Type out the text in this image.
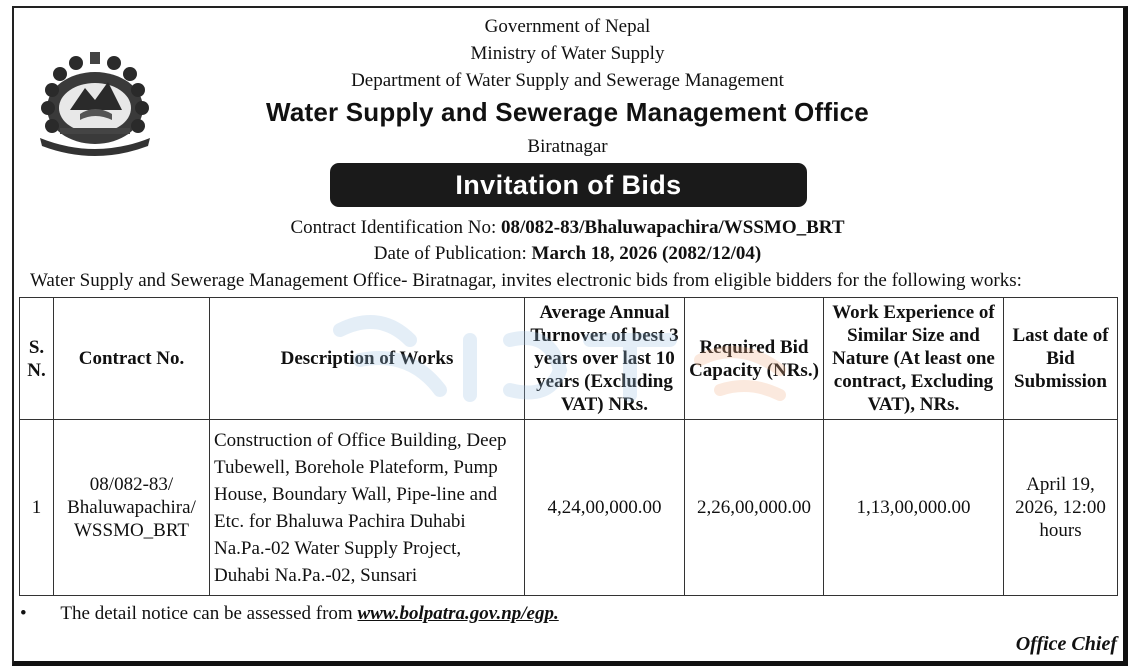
Government of Nepal
Ministry of Water Supply
Department of Water Supply and Sewerage Management
Water Supply and Sewerage Management Office
Biratnagar
Invitation of Bids
Contract Identification No: 08/082-83/Bhaluwapachira/WSSMO_BRT
Date of Publication: March 18, 2026 (2082/12/04)
Water Supply and Sewerage Management Office- Biratnagar, invites electronic bids from eligible bidders for the following works:
S. N.	Contract No.	Description of Works	Average Annual Turnover of best 3 years over last 10 years (Excluding VAT) NRs.	Required Bid Capacity (NRs.)	Work Experience of Similar Size and Nature (At least one contract, Excluding VAT), NRs.	Last date of Bid Submission
1	08/082-83/ Bhaluwapachira/ WSSMO_BRT	Construction of Office Building, Deep Tubewell, Borehole Plateform, Pump House, Boundary Wall, Pipe-line and Etc. for Bhaluwa Pachira Duhabi Na.Pa.-02 Water Supply Project, Duhabi Na.Pa.-02, Sunsari	4,24,00,000.00	2,26,00,000.00	1,13,00,000.00	April 19, 2026, 12:00 hours
• The detail notice can be assessed from www.bolpatra.gov.np/egp.
Office Chief
